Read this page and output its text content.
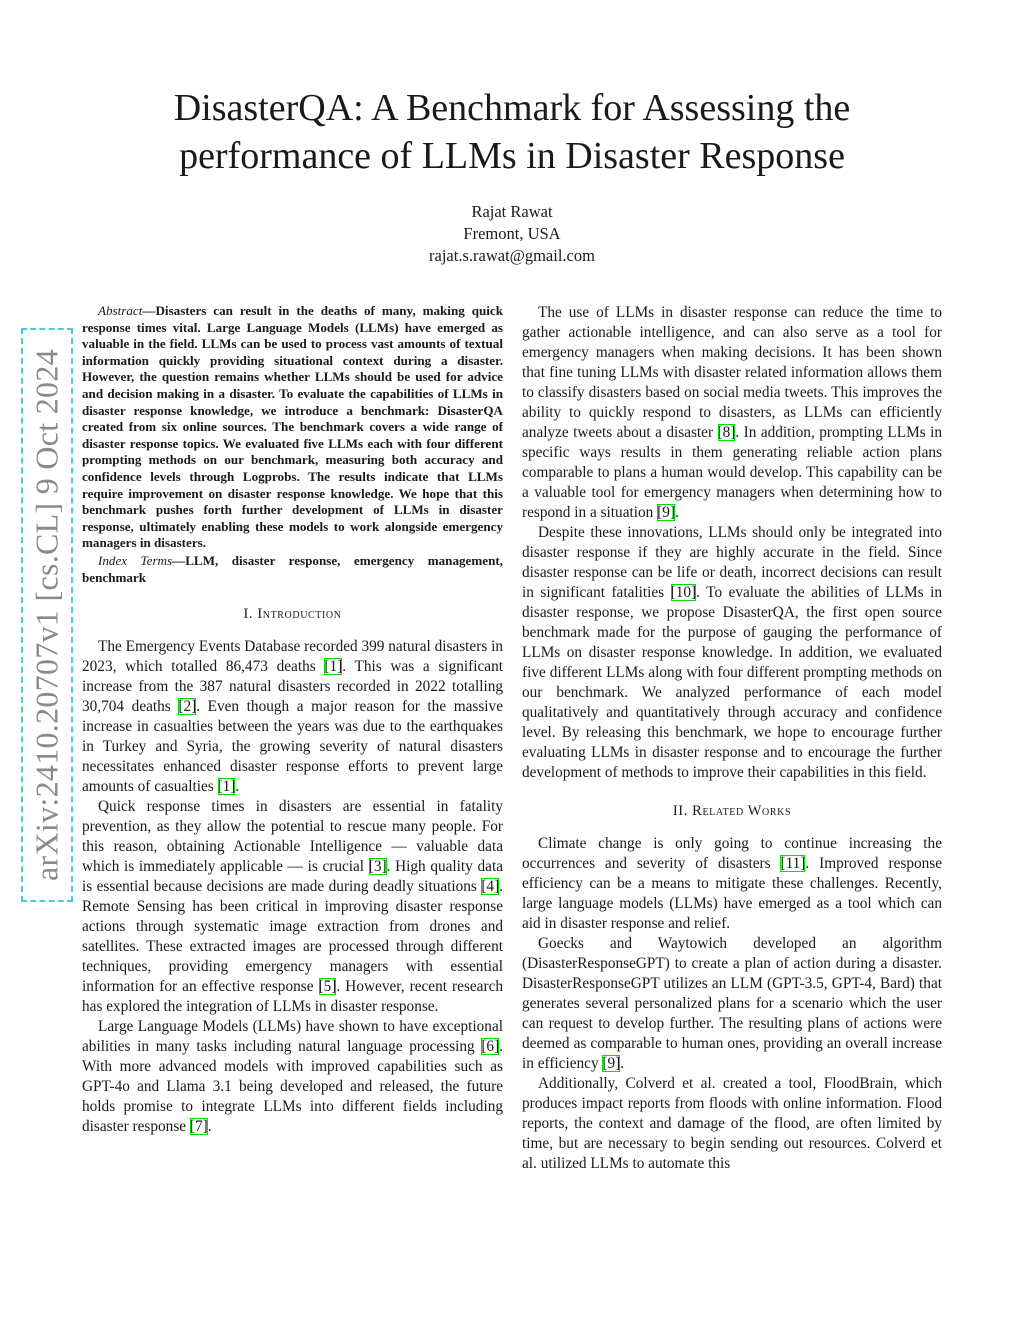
DisasterQA: A Benchmark for Assessing the performance of LLMs in Disaster Response
Rajat Rawat
Fremont, USA
rajat.s.rawat@gmail.com
arXiv:2410.20707v1 [cs.CL] 9 Oct 2024

Abstract—Disasters can result in the deaths of many, making quick response times vital. Large Language Models (LLMs) have emerged as valuable in the field. LLMs can be used to process vast amounts of textual information quickly providing situational context during a disaster. However, the question remains whether LLMs should be used for advice and decision making in a disaster. To evaluate the capabilities of LLMs in disaster response knowledge, we introduce a benchmark: DisasterQA created from six online sources. The benchmark covers a wide range of disaster response topics. We evaluated five LLMs each with four different prompting methods on our benchmark, measuring both accuracy and confidence levels through Logprobs. The results indicate that LLMs require improvement on disaster response knowledge. We hope that this benchmark pushes forth further development of LLMs in disaster response, ultimately enabling these models to work alongside emergency managers in disasters.

Index Terms—LLM, disaster response, emergency management, benchmark

I. Introduction

The Emergency Events Database recorded 399 natural disasters in 2023, which totalled 86,473 deaths [1]. This was a significant increase from the 387 natural disasters recorded in 2022 totalling 30,704 deaths [2]. Even though a major reason for the massive increase in casualties between the years was due to the earthquakes in Turkey and Syria, the growing severity of natural disasters necessitates enhanced disaster response efforts to prevent large amounts of casualties [1].

Quick response times in disasters are essential in fatality prevention, as they allow the potential to rescue many people. For this reason, obtaining Actionable Intelligence — valuable data which is immediately applicable — is crucial [3]. High quality data is essential because decisions are made during deadly situations [4]. Remote Sensing has been critical in improving disaster response actions through systematic image extraction from drones and satellites. These extracted images are processed through different techniques, providing emergency managers with essential information for an effective response [5]. However, recent research has explored the integration of LLMs in disaster response.

Large Language Models (LLMs) have shown to have exceptional abilities in many tasks including natural language processing [6]. With more advanced models with improved capabilities such as GPT-4o and Llama 3.1 being developed and released, the future holds promise to integrate LLMs into different fields including disaster response [7].

The use of LLMs in disaster response can reduce the time to gather actionable intelligence, and can also serve as a tool for emergency managers when making decisions. It has been shown that fine tuning LLMs with disaster related information allows them to classify disasters based on social media tweets. This improves the ability to quickly respond to disasters, as LLMs can efficiently analyze tweets about a disaster [8]. In addition, prompting LLMs in specific ways results in them generating reliable action plans comparable to plans a human would develop. This capability can be a valuable tool for emergency managers when determining how to respond in a situation [9].

Despite these innovations, LLMs should only be integrated into disaster response if they are highly accurate in the field. Since disaster response can be life or death, incorrect decisions can result in significant fatalities [10]. To evaluate the abilities of LLMs in disaster response, we propose DisasterQA, the first open source benchmark made for the purpose of gauging the performance of LLMs on disaster response knowledge. In addition, we evaluated five different LLMs along with four different prompting methods on our benchmark. We analyzed performance of each model qualitatively and quantitatively through accuracy and confidence level. By releasing this benchmark, we hope to encourage further evaluating LLMs in disaster response and to encourage the further development of methods to improve their capabilities in this field.

II. Related Works

Climate change is only going to continue increasing the occurrences and severity of disasters [11]. Improved response efficiency can be a means to mitigate these challenges. Recently, large language models (LLMs) have emerged as a tool which can aid in disaster response and relief.

Goecks and Waytowich developed an algorithm (DisasterResponseGPT) to create a plan of action during a disaster. DisasterResponseGPT utilizes an LLM (GPT-3.5, GPT-4, Bard) that generates several personalized plans for a scenario which the user can request to develop further. The resulting plans of actions were deemed as comparable to human ones, providing an overall increase in efficiency [9].

Additionally, Colverd et al. created a tool, FloodBrain, which produces impact reports from floods with online information. Flood reports, the context and damage of the flood, are often limited by time, but are necessary to begin sending out resources. Colverd et al. utilized LLMs to automate this
